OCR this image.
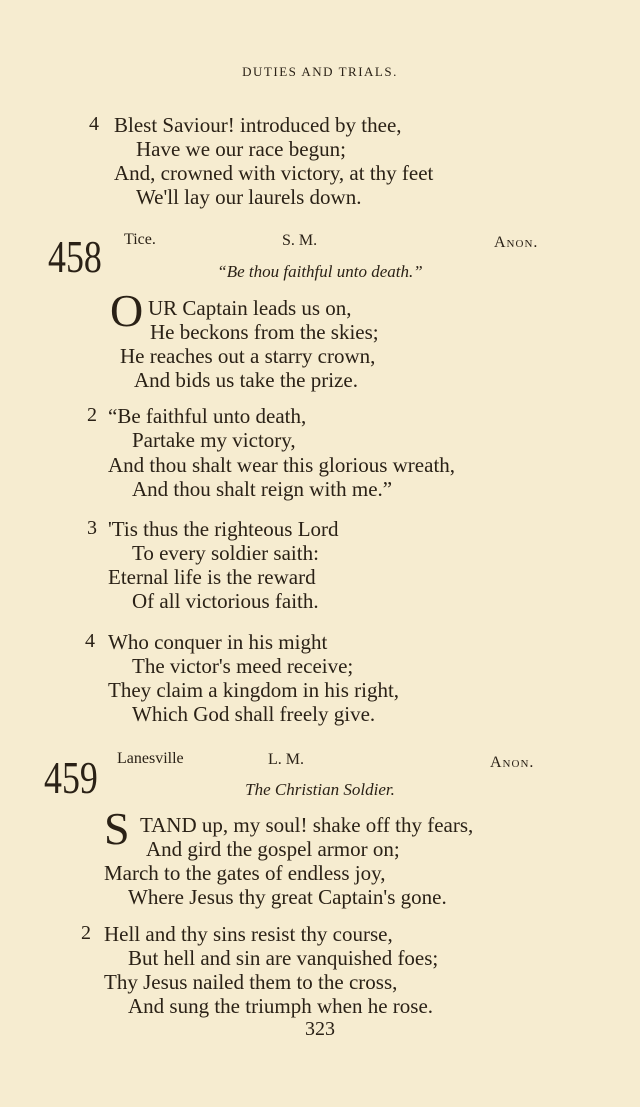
DUTIES AND TRIALS.
4 Blest Saviour! introduced by thee,
Have we our race begun;
And, crowned with victory, at thy feet
We'll lay our laurels down.
458 Tice.	S. M.	Anon.
“Be thou faithful unto death.”
O UR Captain leads us on,
He beckons from the skies;
He reaches out a starry crown,
And bids us take the prize.
2 “Be faithful unto death,
Partake my victory,
And thou shalt wear this glorious wreath,
And thou shalt reign with me.”
3 'Tis thus the righteous Lord
To every soldier saith:
Eternal life is the reward
Of all victorious faith.
4 Who conquer in his might
The victor's meed receive;
They claim a kingdom in his right,
Which God shall freely give.
459 Lanesville	L. M.	Anon.
The Christian Soldier.
S TAND up, my soul! shake off thy fears,
And gird the gospel armor on;
March to the gates of endless joy,
Where Jesus thy great Captain's gone.
2 Hell and thy sins resist thy course,
But hell and sin are vanquished foes;
Thy Jesus nailed them to the cross,
And sung the triumph when he rose.
323
